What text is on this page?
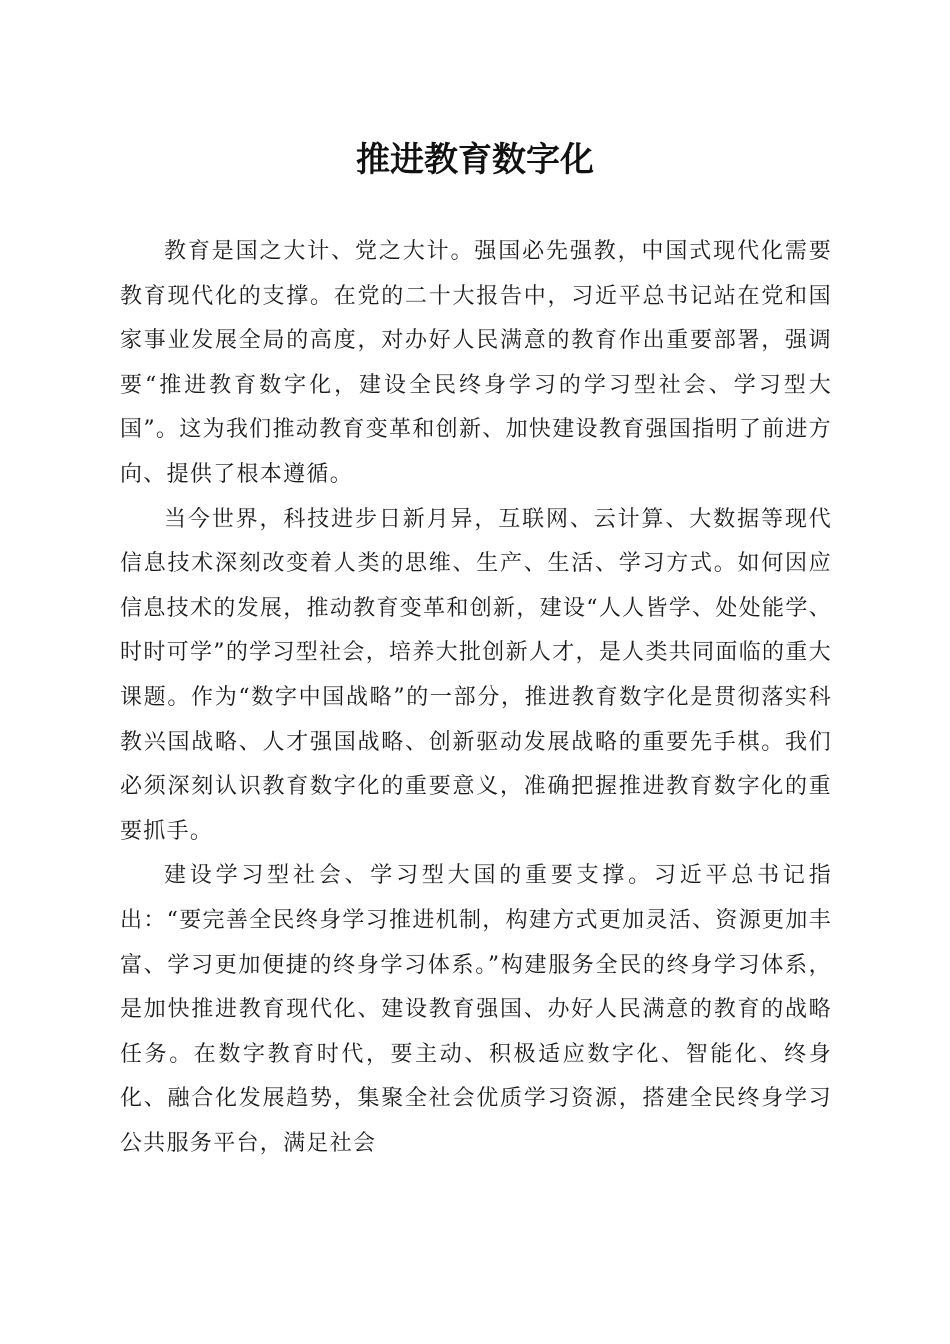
推进教育数字化

教育是国之大计、党之大计。强国必先强教，中国式现代化需要教育现代化的支撑。在党的二十大报告中，习近平总书记站在党和国家事业发展全局的高度，对办好人民满意的教育作出重要部署，强调要“推进教育数字化，建设全民终身学习的学习型社会、学习型大国”。这为我们推动教育变革和创新、加快建设教育强国指明了前进方向、提供了根本遵循。

当今世界，科技进步日新月异，互联网、云计算、大数据等现代信息技术深刻改变着人类的思维、生产、生活、学习方式。如何因应信息技术的发展，推动教育变革和创新，建设“人人皆学、处处能学、时时可学”的学习型社会，培养大批创新人才，是人类共同面临的重大课题。作为“数字中国战略”的一部分，推进教育数字化是贯彻落实科教兴国战略、人才强国战略、创新驱动发展战略的重要先手棋。我们必须深刻认识教育数字化的重要意义，准确把握推进教育数字化的重要抓手。

建设学习型社会、学习型大国的重要支撑。习近平总书记指出：“要完善全民终身学习推进机制，构建方式更加灵活、资源更加丰富、学习更加便捷的终身学习体系。”构建服务全民的终身学习体系，是加快推进教育现代化、建设教育强国、办好人民满意的教育的战略任务。在数字教育时代，要主动、积极适应数字化、智能化、终身化、融合化发展趋势，集聚全社会优质学习资源，搭建全民终身学习公共服务平台，满足社会
